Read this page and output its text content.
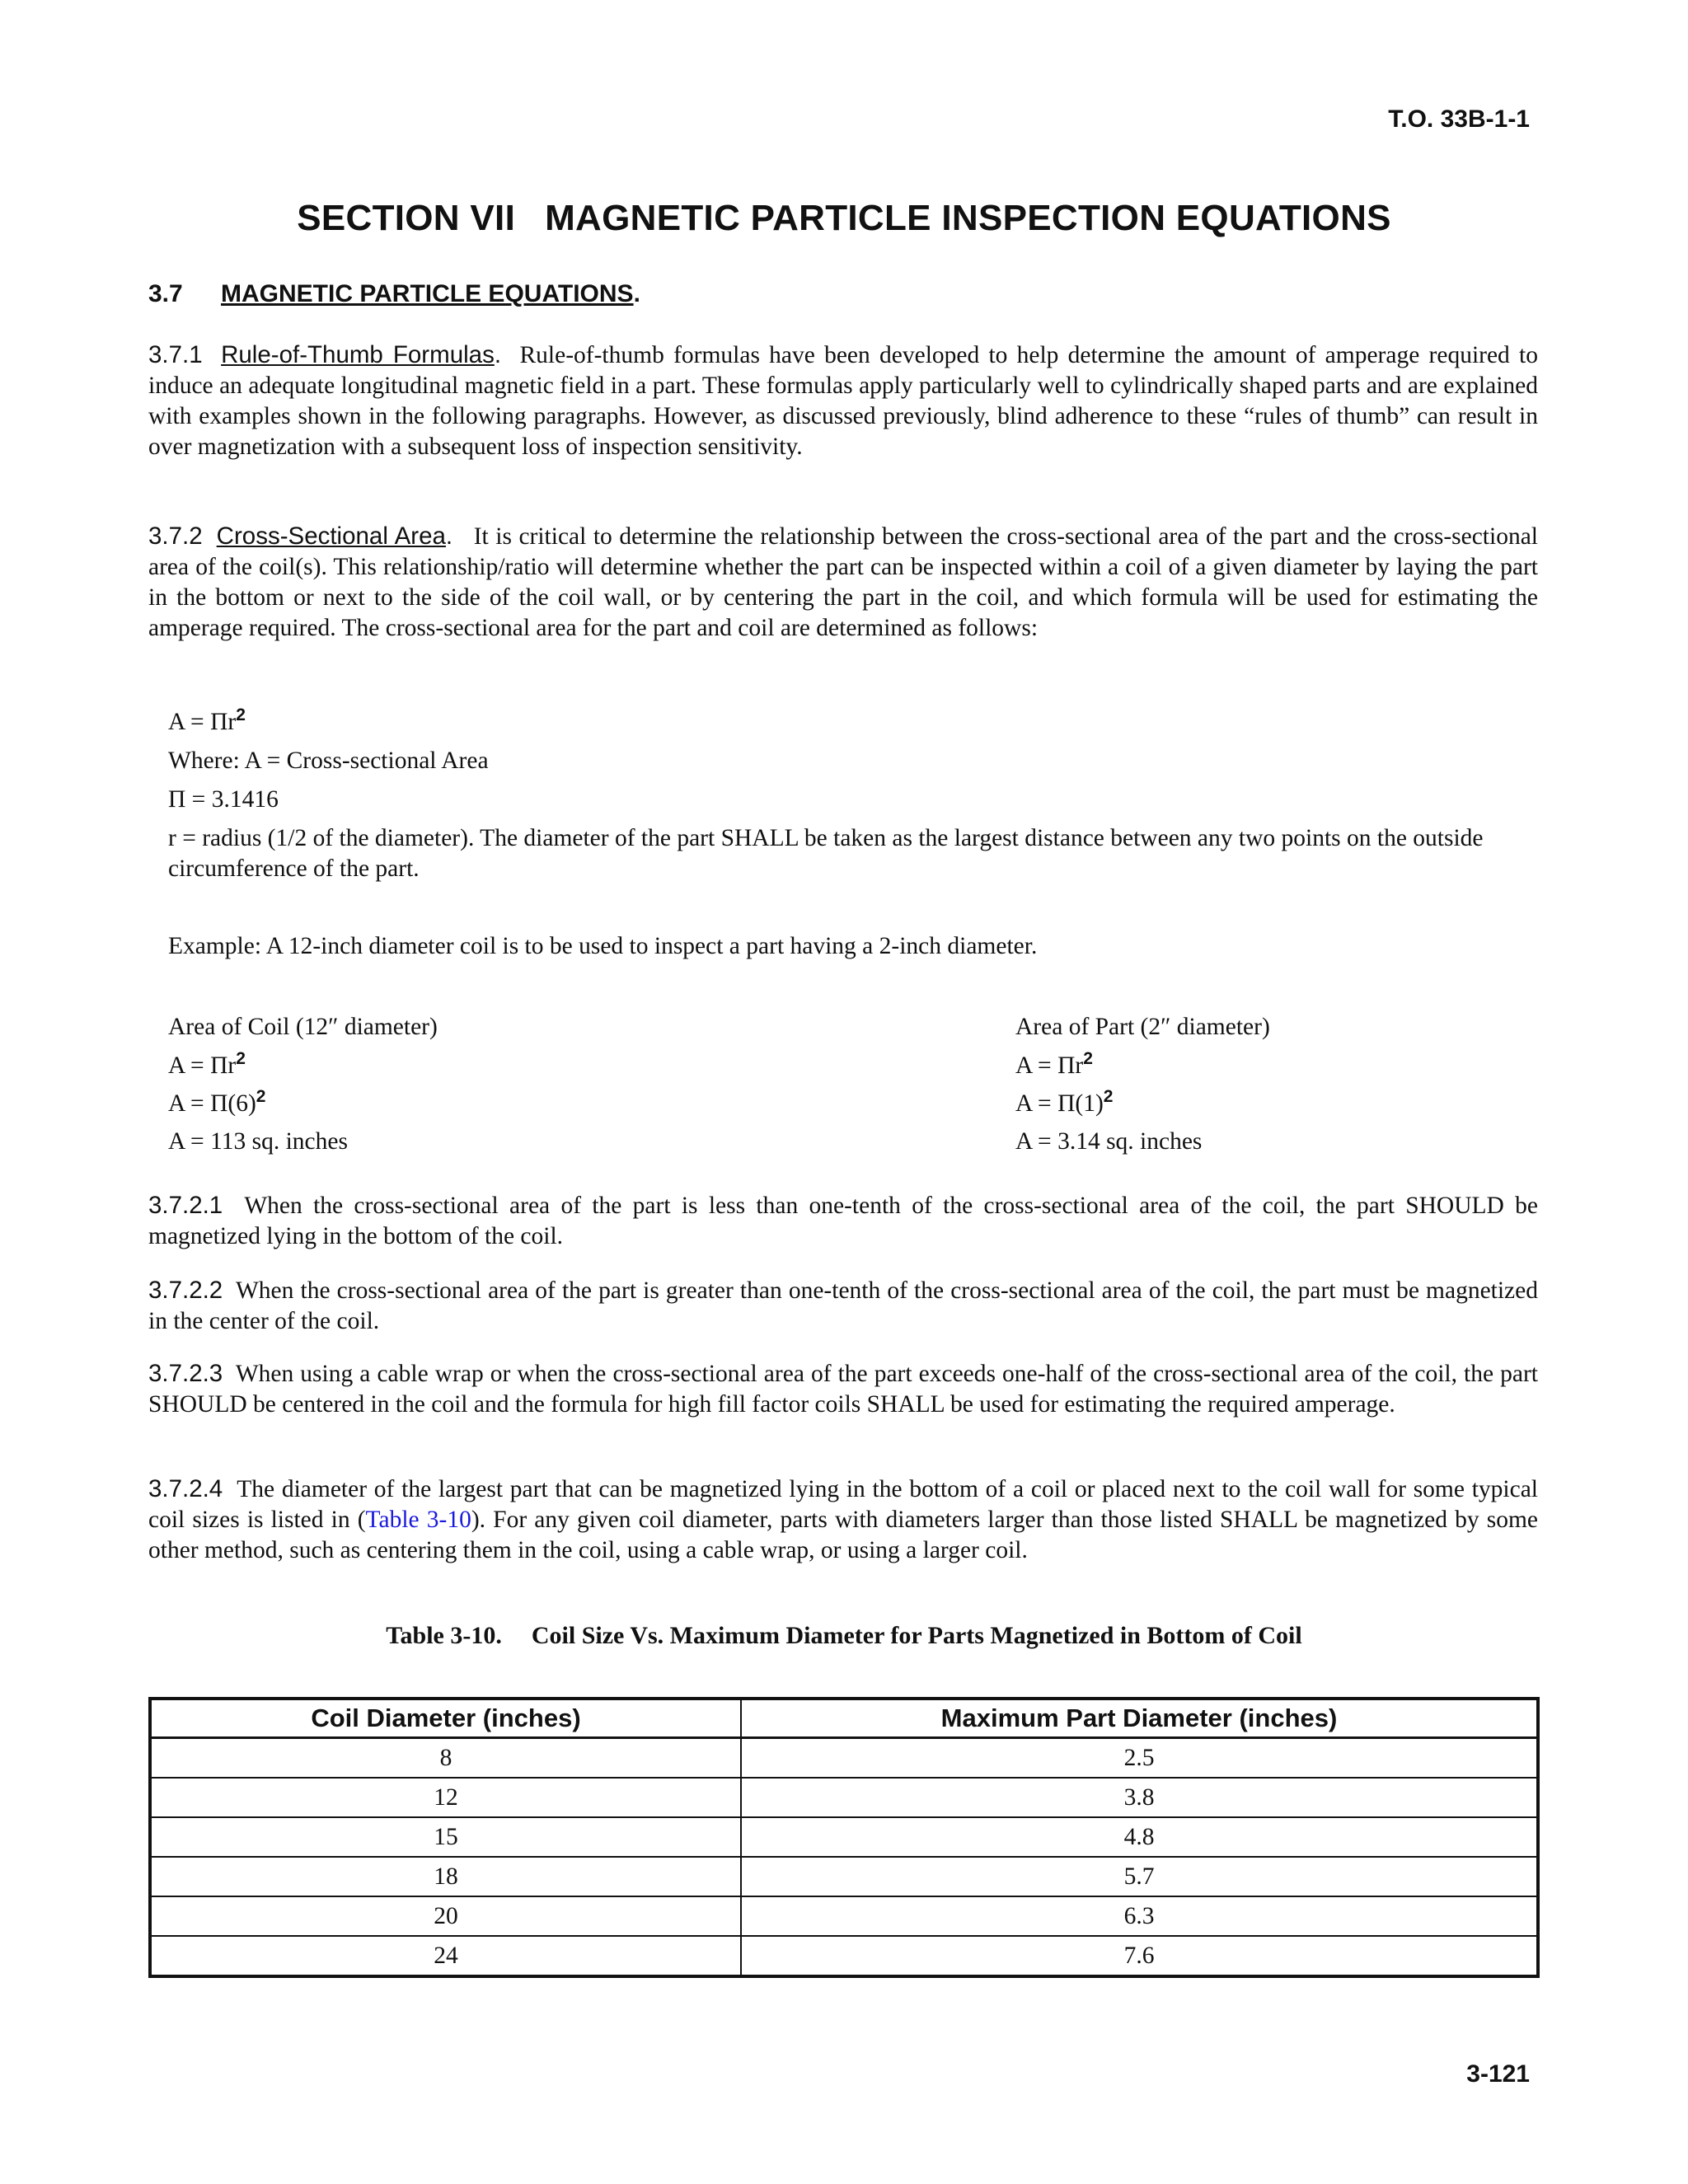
T.O. 33B-1-1
SECTION VII MAGNETIC PARTICLE INSPECTION EQUATIONS
3.7 MAGNETIC PARTICLE EQUATIONS.
3.7.1 Rule-of-Thumb Formulas. Rule-of-thumb formulas have been developed to help determine the amount of amperage required to induce an adequate longitudinal magnetic field in a part. These formulas apply particularly well to cylindrically shaped parts and are explained with examples shown in the following paragraphs. However, as discussed previously, blind adherence to these “rules of thumb” can result in over magnetization with a subsequent loss of inspection sensitivity.
3.7.2 Cross-Sectional Area. It is critical to determine the relationship between the cross-sectional area of the part and the cross-sectional area of the coil(s). This relationship/ratio will determine whether the part can be inspected within a coil of a given diameter by laying the part in the bottom or next to the side of the coil wall, or by centering the part in the coil, and which formula will be used for estimating the amperage required. The cross-sectional area for the part and coil are determined as follows:
$A = \Pi r^2$
Where: A = Cross-sectional Area
Π = 3.1416
r = radius (1/2 of the diameter). The diameter of the part SHALL be taken as the largest distance between any two points on the outside circumference of the part.
Example: A 12-inch diameter coil is to be used to inspect a part having a 2-inch diameter.
Area of Coil (12″ diameter)
$A = \Pi r^2$
$A = \Pi(6)^2$
A = 113 sq. inches
Area of Part (2″ diameter)
$A = \Pi r^2$
$A = \Pi(1)^2$
A = 3.14 sq. inches
3.7.2.1 When the cross-sectional area of the part is less than one-tenth of the cross-sectional area of the coil, the part SHOULD be magnetized lying in the bottom of the coil.
3.7.2.2 When the cross-sectional area of the part is greater than one-tenth of the cross-sectional area of the coil, the part must be magnetized in the center of the coil.
3.7.2.3 When using a cable wrap or when the cross-sectional area of the part exceeds one-half of the cross-sectional area of the coil, the part SHOULD be centered in the coil and the formula for high fill factor coils SHALL be used for estimating the required amperage.
3.7.2.4 The diameter of the largest part that can be magnetized lying in the bottom of a coil or placed next to the coil wall for some typical coil sizes is listed in (Table 3-10). For any given coil diameter, parts with diameters larger than those listed SHALL be magnetized by some other method, such as centering them in the coil, using a cable wrap, or using a larger coil.
Table 3-10. Coil Size Vs. Maximum Diameter for Parts Magnetized in Bottom of Coil
Coil Diameter (inches)	Maximum Part Diameter (inches)
8	2.5
12	3.8
15	4.8
18	5.7
20	6.3
24	7.6
3-121
